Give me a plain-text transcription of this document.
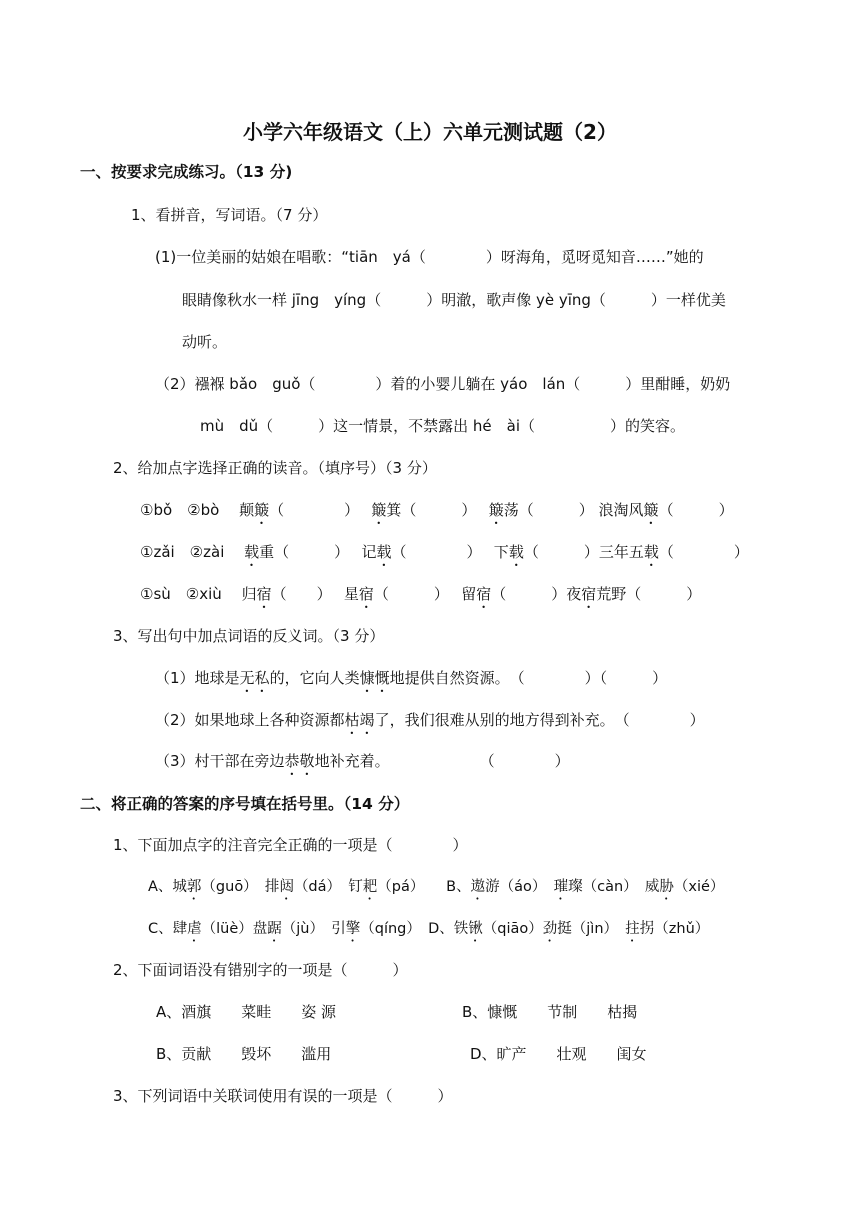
小学六年级语文（上）六单元测试题（2）
一、按要求完成练习。（13 分)
1、看拼音，写词语。（7 分）
(1)一位美丽的姑娘在唱歌：“tiān　yá（　　　　）呀海角，觅呀觅知音……”她的
眼睛像秋水一样 jīng　yíng（　　　）明澈，歌声像 yè yīng（　　　）一样优美
动听。
（2）襁褓 bǎo　guǒ（　　　　）着的小婴儿躺在 yáo　lán（　　　）里酣睡，奶奶
mù　dǔ（　　　）这一情景，不禁露出 hé　ài（　　　　　）的笑容。
2、给加点字选择正确的读音。（填序号）（3 分）
①bǒ　②bò　 颠簸（　　　　）　 簸箕（　　　）　 簸荡（　　　） 浪淘风簸（　　　）
①zǎi　②zài　 载重（　　　）　 记载（　　　　）　 下载（　　　）三年五载（　　　　）
①sù　②xiù　 归宿（　　）　 星宿（　　　）　 留宿（　　　）夜宿荒野（　　　）
3、写出句中加点词语的反义词。（3 分）
（1）地球是无私的，它向人类慷慨地提供自然资源。　（　　　　）（　　　）
（2）如果地球上各种资源都枯竭了，我们很难从别的地方得到补充。　（　　　　）
（3）村干部在旁边恭敬地补充着。　　　　　　　（　　　　）
二、将正确的答案的序号填在括号里。（14 分）
1、下面加点字的注音完全正确的一项是（　　　　）
A、城郭（guō）　排闼（dá）　钉耙（pá）　　B、遨游（áo）　璀璨（càn）　威胁（xié）
C、肆虐（lüè）盘踞（jù）　引擎（qíng）　D、铁锹（qiāo）劲挺（jìn）　拄拐（zhǔ）
2、下面词语没有错别字的一项是（　　　）
A、酒旗　　菜畦　　姿 源	B、慷慨　　节制　　枯揭
B、贡献　　毁坏　　滥用	D、旷产　　壮观　　闺女
3、下列词语中关联词使用有误的一项是（　　　）
